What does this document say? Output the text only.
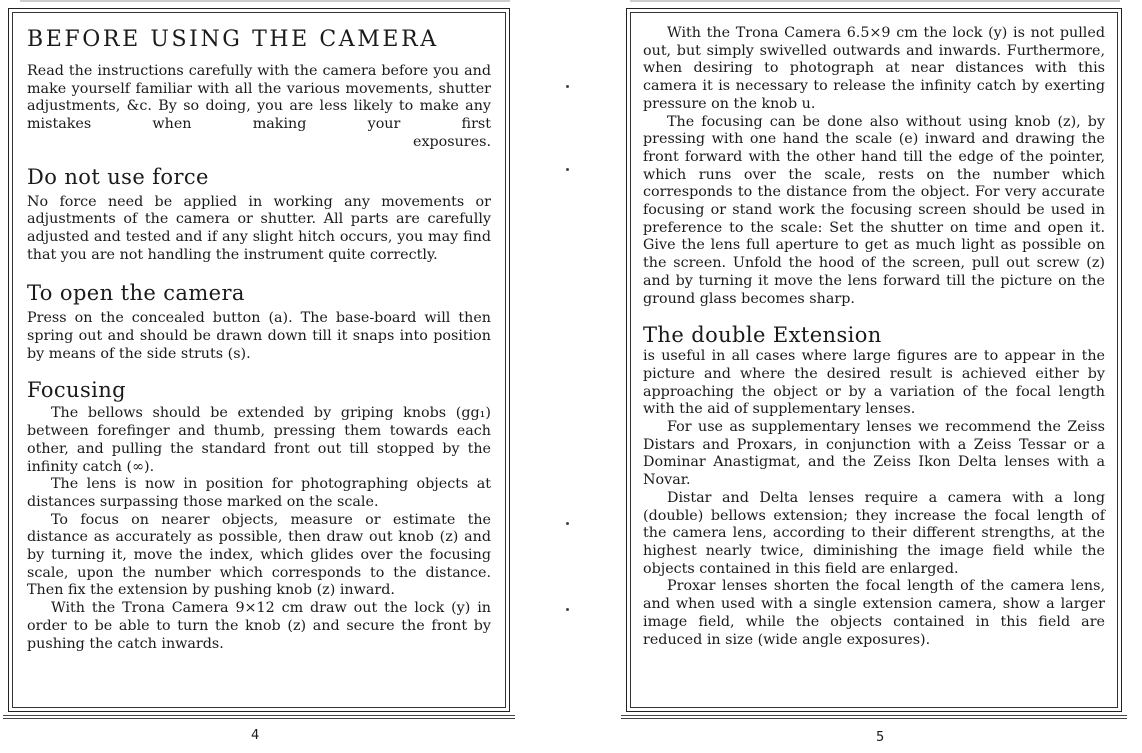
BEFORE USING THE CAMERA

Read the instructions carefully with the camera before you and make yourself familiar with all the various movements, shutter adjustments, &c. By so doing, you are less likely to make any mistakes when making your first

exposures.

Do not use force

No force need be applied in working any movements or adjustments of the camera or shutter. All parts are carefully adjusted and tested and if any slight hitch occurs, you may find that you are not handling the instrument quite correctly.

To open the camera

Press on the concealed button (a). The base-board will then spring out and should be drawn down till it snaps into position by means of the side struts (s).

Focusing

The bellows should be extended by griping knobs (gg₁) between forefinger and thumb, pressing them towards each other, and pulling the standard front out till stopped by the infinity catch (∞).

The lens is now in position for photographing objects at distances surpassing those marked on the scale.

To focus on nearer objects, measure or estimate the distance as accurately as possible, then draw out knob (z) and by turning it, move the index, which glides over the focusing scale, upon the number which corresponds to the distance. Then fix the extension by pushing knob (z) inward.

With the Trona Camera 9×12 cm draw out the lock (y) in order to be able to turn the knob (z) and secure the front by pushing the catch inwards.

4

With the Trona Camera 6.5×9 cm the lock (y) is not pulled out, but simply swivelled outwards and inwards. Furthermore, when desiring to photograph at near distances with this camera it is necessary to release the infinity catch by exerting pressure on the knob u.

The focusing can be done also without using knob (z), by pressing with one hand the scale (e) inward and drawing the front forward with the other hand till the edge of the pointer, which runs over the scale, rests on the number which corresponds to the distance from the object. For very accurate focusing or stand work the focusing screen should be used in preference to the scale: Set the shutter on time and open it. Give the lens full aperture to get as much light as possible on the screen. Unfold the hood of the screen, pull out screw (z) and by turning it move the lens forward till the picture on the ground glass becomes sharp.

The double Extension

is useful in all cases where large figures are to appear in the picture and where the desired result is achieved either by approaching the object or by a variation of the focal length with the aid of supplementary lenses.

For use as supplementary lenses we recommend the Zeiss Distars and Proxars, in conjunction with a Zeiss Tessar or a Dominar Anastigmat, and the Zeiss Ikon Delta lenses with a Novar.

Distar and Delta lenses require a camera with a long (double) bellows extension; they increase the focal length of the camera lens, according to their different strengths, at the highest nearly twice, diminishing the image field while the objects contained in this field are enlarged.

Proxar lenses shorten the focal length of the camera lens, and when used with a single extension camera, show a larger image field, while the objects contained in this field are reduced in size (wide angle exposures).

5
